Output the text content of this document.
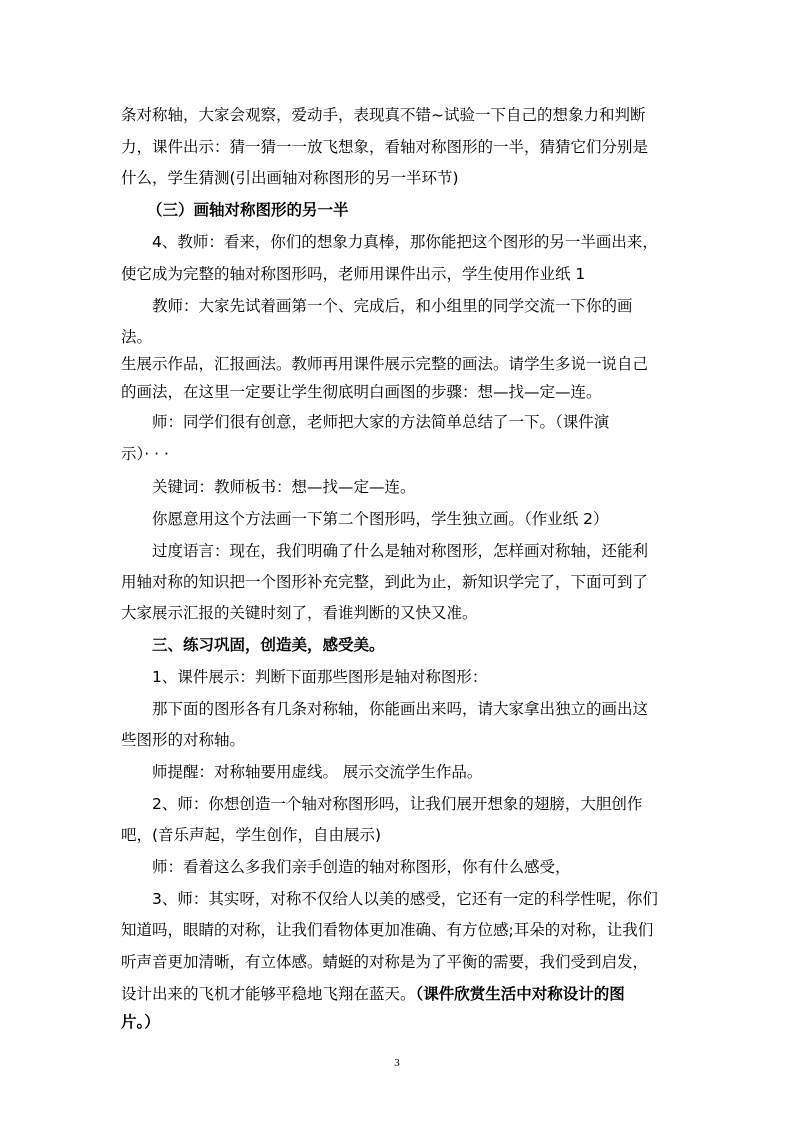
条对称轴，大家会观察，爱动手，表现真不错~试验一下自己的想象力和判断
力，课件出示：猜一猜一一放飞想象，看轴对称图形的一半，猜猜它们分别是
什么，学生猜测(引出画轴对称图形的另一半环节)
（三）画轴对称图形的另一半
4、教师：看来，你们的想象力真棒，那你能把这个图形的另一半画出来，
使它成为完整的轴对称图形吗，老师用课件出示，学生使用作业纸 1
教师：大家先试着画第一个、完成后，和小组里的同学交流一下你的画
法。
生展示作品，汇报画法。教师再用课件展示完整的画法。请学生多说一说自己
的画法，在这里一定要让学生彻底明白画图的步骤：想—找—定—连。
师：同学们很有创意，老师把大家的方法简单总结了一下。（课件演
示）· · ·
关键词：教师板书：想—找—定—连。
你愿意用这个方法画一下第二个图形吗，学生独立画。（作业纸 2）
过度语言：现在，我们明确了什么是轴对称图形，怎样画对称轴，还能利
用轴对称的知识把一个图形补充完整，到此为止，新知识学完了，下面可到了
大家展示汇报的关键时刻了，看谁判断的又快又准。
三、练习巩固，创造美，感受美。
1、课件展示：判断下面那些图形是轴对称图形：
那下面的图形各有几条对称轴，你能画出来吗，请大家拿出独立的画出这
些图形的对称轴。
师提醒：对称轴要用虚线。 展示交流学生作品。
2、师：你想创造一个轴对称图形吗，让我们展开想象的翅膀，大胆创作
吧，(音乐声起，学生创作，自由展示)
师：看着这么多我们亲手创造的轴对称图形，你有什么感受，
3、师：其实呀，对称不仅给人以美的感受，它还有一定的科学性呢，你们
知道吗，眼睛的对称，让我们看物体更加准确、有方位感;耳朵的对称，让我们
听声音更加清晰，有立体感。蜻蜓的对称是为了平衡的需要，我们受到启发，
设计出来的飞机才能够平稳地飞翔在蓝天。（课件欣赏生活中对称设计的图
片。）
3
